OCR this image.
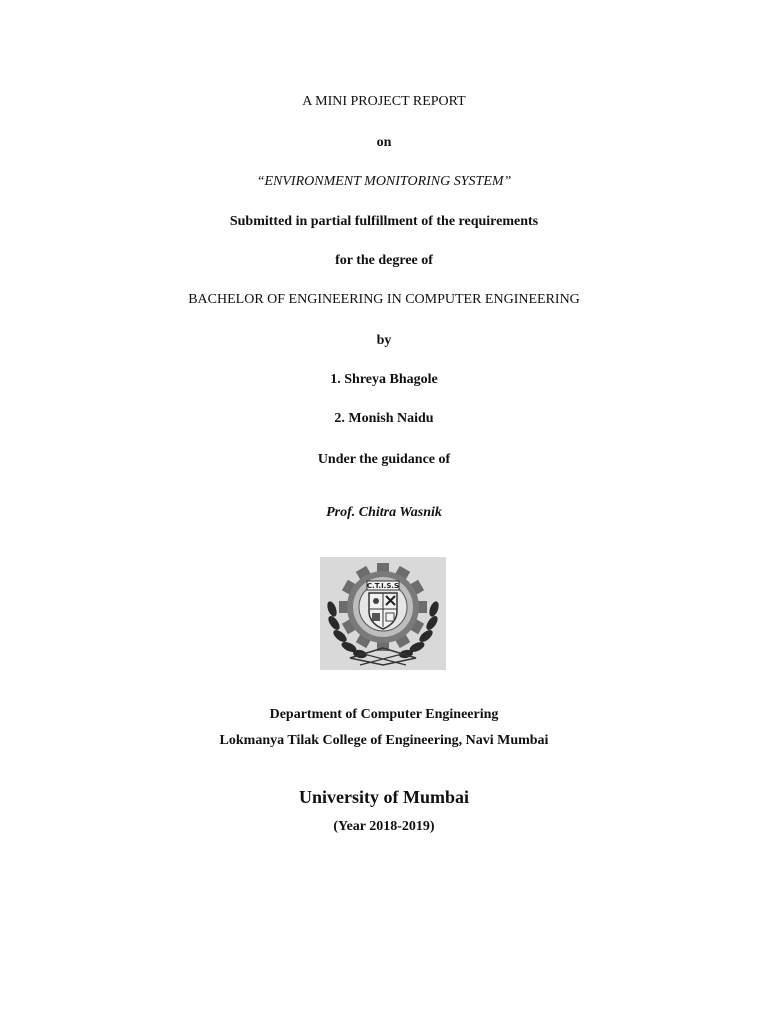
A MINI PROJECT REPORT
on
“ENVIRONMENT MONITORING SYSTEM”
Submitted in partial fulfillment of the requirements
for the degree of
BACHELOR OF ENGINEERING IN COMPUTER ENGINEERING
by
1. Shreya Bhagole
2. Monish Naidu
Under the guidance of
Prof. Chitra Wasnik
C.T.I.S.S
Department of Computer Engineering
Lokmanya Tilak College of Engineering, Navi Mumbai
University of Mumbai
(Year 2018-2019)
